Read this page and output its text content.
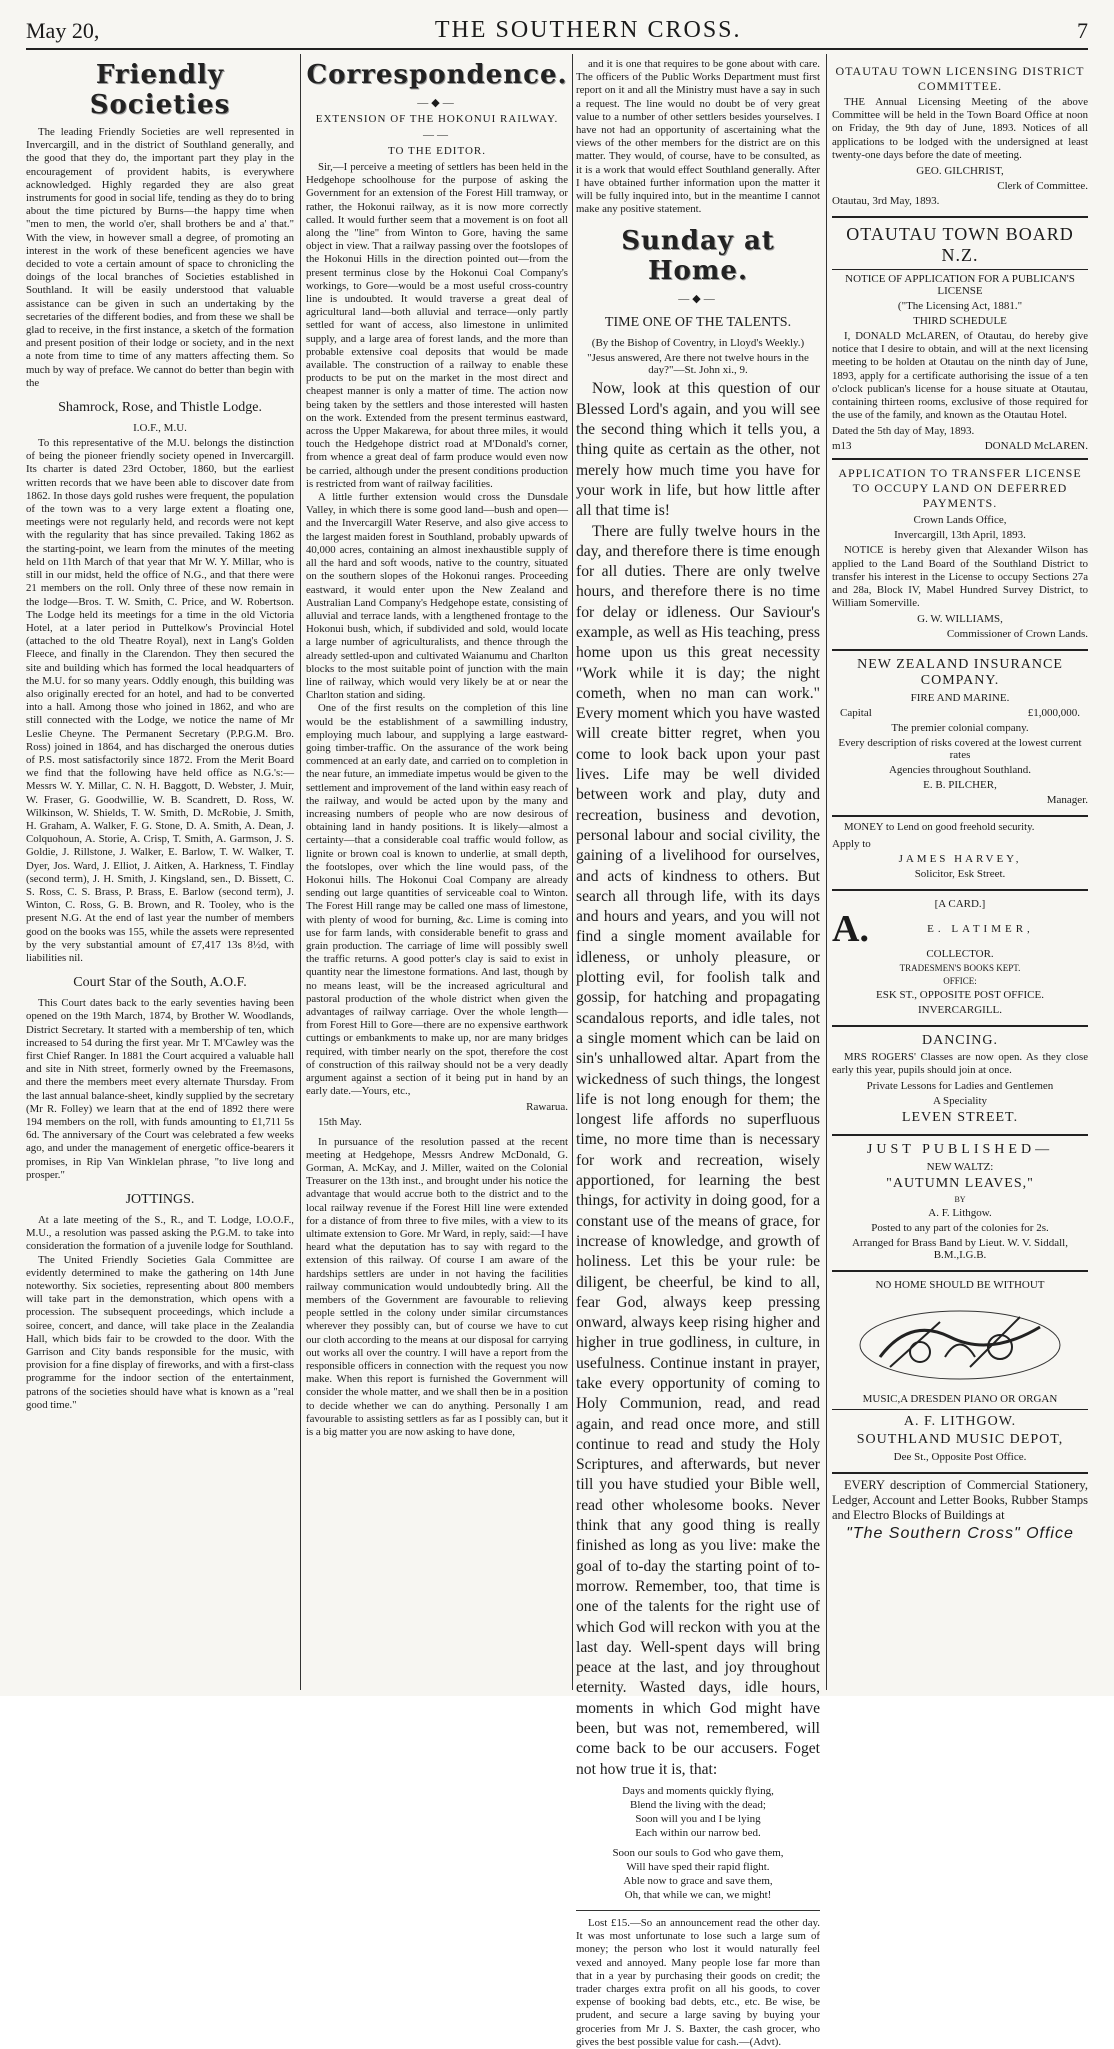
May 20,	THE SOUTHERN CROSS.	7
Friendly Societies

The leading Friendly Societies are well represented in Invercargill, and in the district of Southland generally, and the good that they do, the important part they play in the encouragement of provident habits, is everywhere acknowledged. Highly regarded they are also great instruments for good in social life, tending as they do to bring about the time pictured by Burns—the happy time when "men to men, the world o'er, shall brothers be and a' that." With the view, in however small a degree, of promoting an interest in the work of these beneficent agencies we have decided to vote a certain amount of space to chronicling the doings of the local branches of Societies established in Southland. It will be easily understood that valuable assistance can be given in such an undertaking by the secretaries of the different bodies, and from these we shall be glad to receive, in the first instance, a sketch of the formation and present position of their lodge or society, and in the next a note from time to time of any matters affecting them. So much by way of preface. We cannot do better than begin with the

Shamrock, Rose, and Thistle Lodge.
I.O.F., M.U.

To this representative of the M.U. belongs the distinction of being the pioneer friendly society opened in Invercargill. Its charter is dated 23rd October, 1860, but the earliest written records that we have been able to discover date from 1862. In those days gold rushes were frequent, the population of the town was to a very large extent a floating one, meetings were not regularly held, and records were not kept with the regularity that has since prevailed. Taking 1862 as the starting-point, we learn from the minutes of the meeting held on 11th March of that year that Mr W. Y. Millar, who is still in our midst, held the office of N.G., and that there were 21 members on the roll. Only three of these now remain in the lodge—Bros. T. W. Smith, C. Price, and W. Robertson. The Lodge held its meetings for a time in the old Victoria Hotel, at a later period in Puttelkow's Provincial Hotel (attached to the old Theatre Royal), next in Lang's Golden Fleece, and finally in the Clarendon. They then secured the site and building which has formed the local headquarters of the M.U. for so many years. Oddly enough, this building was also originally erected for an hotel, and had to be converted into a hall. Among those who joined in 1862, and who are still connected with the Lodge, we notice the name of Mr Leslie Cheyne. The Permanent Secretary (P.P.G.M. Bro. Ross) joined in 1864, and has discharged the onerous duties of P.S. most satisfactorily since 1872. From the Merit Board we find that the following have held office as N.G.'s:—Messrs W. Y. Millar, C. N. H. Baggott, D. Webster, J. Muir, W. Fraser, G. Goodwillie, W. B. Scandrett, D. Ross, W. Wilkinson, W. Shields, T. W. Smith, D. McRobie, J. Smith, H. Graham, A. Walker, F. G. Stone, D. A. Smith, A. Dean, J. Colquohoun, A. Storie, A. Crisp, T. Smith, A. Garmson, J. S. Goldie, J. Rillstone, J. Walker, E. Barlow, T. W. Walker, T. Dyer, Jos. Ward, J. Elliot, J. Aitken, A. Harkness, T. Findlay (second term), J. H. Smith, J. Kingsland, sen., D. Bissett, C. S. Ross, C. S. Brass, P. Brass, E. Barlow (second term), J. Winton, C. Ross, G. B. Brown, and R. Tooley, who is the present N.G. At the end of last year the number of members good on the books was 155, while the assets were represented by the very substantial amount of £7,417 13s 8½d, with liabilities nil.

Court Star of the South, A.O.F.

This Court dates back to the early seventies having been opened on the 19th March, 1874, by Brother W. Woodlands, District Secretary. It started with a membership of ten, which increased to 54 during the first year. Mr T. M'Cawley was the first Chief Ranger. In 1881 the Court acquired a valuable hall and site in Nith street, formerly owned by the Freemasons, and there the members meet every alternate Thursday. From the last annual balance-sheet, kindly supplied by the secretary (Mr R. Folley) we learn that at the end of 1892 there were 194 members on the roll, with funds amounting to £1,711 5s 6d. The anniversary of the Court was celebrated a few weeks ago, and under the management of energetic office-bearers it promises, in Rip Van Winklelan phrase, "to live long and prosper."

JOTTINGS.

At a late meeting of the S., R., and T. Lodge, I.O.O.F., M.U., a resolution was passed asking the P.G.M. to take into consideration the formation of a juvenile lodge for Southland.

The United Friendly Societies Gala Committee are evidently determined to make the gathering on 14th June noteworthy. Six societies, representing about 800 members will take part in the demonstration, which opens with a procession. The subsequent proceedings, which include a soiree, concert, and dance, will take place in the Zealandia Hall, which bids fair to be crowded to the door. With the Garrison and City bands responsible for the music, with provision for a fine display of fireworks, and with a first-class programme for the indoor section of the entertainment, patrons of the societies should have what is known as a "real good time."

Correspondence.
—◆—
EXTENSION OF THE HOKONUI RAILWAY.
——
TO THE EDITOR.

Sir,—I perceive a meeting of settlers has been held in the Hedgehope schoolhouse for the purpose of asking the Government for an extension of the Forest Hill tramway, or rather, the Hokonui railway, as it is now more correctly called. It would further seem that a movement is on foot all along the "line" from Winton to Gore, having the same object in view. That a railway passing over the footslopes of the Hokonui Hills in the direction pointed out—from the present terminus close by the Hokonui Coal Company's workings, to Gore—would be a most useful cross-country line is undoubted. It would traverse a great deal of agricultural land—both alluvial and terrace—only partly settled for want of access, also limestone in unlimited supply, and a large area of forest lands, and the more than probable extensive coal deposits that would be made available. The construction of a railway to enable these products to be put on the market in the most direct and cheapest manner is only a matter of time. The action now being taken by the settlers and those interested will hasten on the work. Extended from the present terminus eastward, across the Upper Makarewa, for about three miles, it would touch the Hedgehope district road at M'Donald's corner, from whence a great deal of farm produce would even now be carried, although under the present conditions production is restricted from want of railway facilities.

A little further extension would cross the Dunsdale Valley, in which there is some good land—bush and open—and the Invercargill Water Reserve, and also give access to the largest maiden forest in Southland, probably upwards of 40,000 acres, containing an almost inexhaustible supply of all the hard and soft woods, native to the country, situated on the southern slopes of the Hokonui ranges. Proceeding eastward, it would enter upon the New Zealand and Australian Land Company's Hedgehope estate, consisting of alluvial and terrace lands, with a lengthened frontage to the Hokonui bush, which, if subdivided and sold, would locate a large number of agriculturalists, and thence through the already settled-upon and cultivated Waianumu and Charlton blocks to the most suitable point of junction with the main line of railway, which would very likely be at or near the Charlton station and siding.

One of the first results on the completion of this line would be the establishment of a sawmilling industry, employing much labour, and supplying a large eastward-going timber-traffic. On the assurance of the work being commenced at an early date, and carried on to completion in the near future, an immediate impetus would be given to the settlement and improvement of the land within easy reach of the railway, and would be acted upon by the many and increasing numbers of people who are now desirous of obtaining land in handy positions. It is likely—almost a certainty—that a considerable coal traffic would follow, as lignite or brown coal is known to underlie, at small depth, the footslopes, over which the line would pass, of the Hokonui hills. The Hokonui Coal Company are already sending out large quantities of serviceable coal to Winton. The Forest Hill range may be called one mass of limestone, with plenty of wood for burning, &c. Lime is coming into use for farm lands, with considerable benefit to grass and grain production. The carriage of lime will possibly swell the traffic returns. A good potter's clay is said to exist in quantity near the limestone formations. And last, though by no means least, will be the increased agricultural and pastoral production of the whole district when given the advantages of railway carriage. Over the whole length—from Forest Hill to Gore—there are no expensive earthwork cuttings or embankments to make up, nor are many bridges required, with timber nearly on the spot, therefore the cost of construction of this railway should not be a very deadly argument against a section of it being put in hand by an early date.—Yours, etc.,

Rawarua.

15th May.

In pursuance of the resolution passed at the recent meeting at Hedgehope, Messrs Andrew McDonald, G. Gorman, A. McKay, and J. Miller, waited on the Colonial Treasurer on the 13th inst., and brought under his notice the advantage that would accrue both to the district and to the local railway revenue if the Forest Hill line were extended for a distance of from three to five miles, with a view to its ultimate extension to Gore. Mr Ward, in reply, said:—I have heard what the deputation has to say with regard to the extension of this railway. Of course I am aware of the hardships settlers are under in not having the facilities railway communication would undoubtedly bring. All the members of the Government are favourable to relieving people settled in the colony under similar circumstances wherever they possibly can, but of course we have to cut our cloth according to the means at our disposal for carrying out works all over the country. I will have a report from the responsible officers in connection with the request you now make. When this report is furnished the Government will consider the whole matter, and we shall then be in a position to decide whether we can do anything. Personally I am favourable to assisting settlers as far as I possibly can, but it is a big matter you are now asking to have done,

and it is one that requires to be gone about with care. The officers of the Public Works Department must first report on it and all the Ministry must have a say in such a request. The line would no doubt be of very great value to a number of other settlers besides yourselves. I have not had an opportunity of ascertaining what the views of the other members for the district are on this matter. They would, of course, have to be consulted, as it is a work that would effect Southland generally. After I have obtained further information upon the matter it will be fully inquired into, but in the meantime I cannot make any positive statement.

Sunday at Home.
—◆—
TIME ONE OF THE TALENTS.
(By the Bishop of Coventry, in Lloyd's Weekly.)
"Jesus answered, Are there not twelve hours in the day?"—St. John xi., 9.

Now, look at this question of our Blessed Lord's again, and you will see the second thing which it tells you, a thing quite as certain as the other, not merely how much time you have for your work in life, but how little after all that time is!

There are fully twelve hours in the day, and therefore there is time enough for all duties. There are only twelve hours, and therefore there is no time for delay or idleness. Our Saviour's example, as well as His teaching, press home upon us this great necessity "Work while it is day; the night cometh, when no man can work." Every moment which you have wasted will create bitter regret, when you come to look back upon your past lives. Life may be well divided between work and play, duty and recreation, business and devotion, personal labour and social civility, the gaining of a livelihood for ourselves, and acts of kindness to others. But search all through life, with its days and hours and years, and you will not find a single moment available for idleness, or unholy pleasure, or plotting evil, for foolish talk and gossip, for hatching and propagating scandalous reports, and idle tales, not a single moment which can be laid on sin's unhallowed altar. Apart from the wickedness of such things, the longest life is not long enough for them; the longest life affords no superfluous time, no more time than is necessary for work and recreation, wisely apportioned, for learning the best things, for activity in doing good, for a constant use of the means of grace, for increase of knowledge, and growth of holiness. Let this be your rule: be diligent, be cheerful, be kind to all, fear God, always keep pressing onward, always keep rising higher and higher in true godliness, in culture, in usefulness. Continue instant in prayer, take every opportunity of coming to Holy Communion, read, and read again, and read once more, and still continue to read and study the Holy Scriptures, and afterwards, but never till you have studied your Bible well, read other wholesome books. Never think that any good thing is really finished as long as you live: make the goal of to-day the starting point of to-morrow. Remember, too, that time is one of the talents for the right use of which God will reckon with you at the last day. Well-spent days will bring peace at the last, and joy throughout eternity. Wasted days, idle hours, moments in which God might have been, but was not, remembered, will come back to be our accusers. Foget not how true it is, that:

Days and moments quickly flying,
Blend the living with the dead;
Soon will you and I be lying
Each within our narrow bed.
Soon our souls to God who gave them,
Will have sped their rapid flight.
Able now to grace and save them,
Oh, that while we can, we might!

Lost £15.—So an announcement read the other day. It was most unfortunate to lose such a large sum of money; the person who lost it would naturally feel vexed and annoyed. Many people lose far more than that in a year by purchasing their goods on credit; the trader charges extra profit on all his goods, to cover expense of booking bad debts, etc., etc. Be wise, be prudent, and secure a large saving by buying your groceries from Mr J. S. Baxter, the cash grocer, who gives the best possible value for cash.—(Advt).

OTAUTAU TOWN LICENSING DISTRICT COMMITTEE.

THE Annual Licensing Meeting of the above Committee will be held in the Town Board Office at noon on Friday, the 9th day of June, 1893. Notices of all applications to be lodged with the undersigned at least twenty-one days before the date of meeting.

GEO. GILCHRIST,
Clerk of Committee.
Otautau, 3rd May, 1893.
OTAUTAU TOWN BOARD N.Z.
NOTICE OF APPLICATION FOR A PUBLICAN'S LICENSE
("The Licensing Act, 1881."
THIRD SCHEDULE

I, DONALD McLAREN, of Otautau, do hereby give notice that I desire to obtain, and will at the next licensing meeting to be holden at Otautau on the ninth day of June, 1893, apply for a certificate authorising the issue of a ten o'clock publican's license for a house situate at Otautau, containing thirteen rooms, exclusive of those required for the use of the family, and known as the Otautau Hotel.

Dated the 5th day of May, 1893.
m13	DONALD McLAREN.
APPLICATION TO TRANSFER LICENSE TO OCCUPY LAND ON DEFERRED PAYMENTS.
Crown Lands Office,
Invercargill, 13th April, 1893.

NOTICE is hereby given that Alexander Wilson has applied to the Land Board of the Southland District to transfer his interest in the License to occupy Sections 27a and 28a, Block IV, Mabel Hundred Survey District, to William Somerville.

G. W. WILLIAMS,
Commissioner of Crown Lands.
NEW ZEALAND INSURANCE COMPANY.
FIRE AND MARINE.
Capital	£1,000,000.
The premier colonial company.
Every description of risks covered at the lowest current rates
Agencies throughout Southland.
E. B. PILCHER,
Manager.

MONEY to Lend on good freehold security.

Apply to
JAMES HARVEY,
Solicitor, Esk Street.
[A CARD.]
A.	E. LATIMER,
COLLECTOR.
TRADESMEN'S BOOKS KEPT.
OFFICE:
ESK ST., OPPOSITE POST OFFICE.
INVERCARGILL.
DANCING.

MRS ROGERS' Classes are now open. As they close early this year, pupils should join at once.

Private Lessons for Ladies and Gentlemen
A Speciality
LEVEN STREET.
JUST PUBLISHED—
NEW WALTZ:
"AUTUMN LEAVES,"
BY
A. F. Lithgow.
Posted to any part of the colonies for 2s.
Arranged for Brass Band by Lieut. W. V. Siddall, B.M.,I.G.B.
NO HOME SHOULD BE WITHOUT
MUSIC,A DRESDEN PIANO OR ORGAN
A. F. LITHGOW.
SOUTHLAND MUSIC DEPOT,
Dee St., Opposite Post Office.

EVERY description of Commercial Stationery, Ledger, Account and Letter Books, Rubber Stamps and Electro Blocks of Buildings at

"The Southern Cross" Office
